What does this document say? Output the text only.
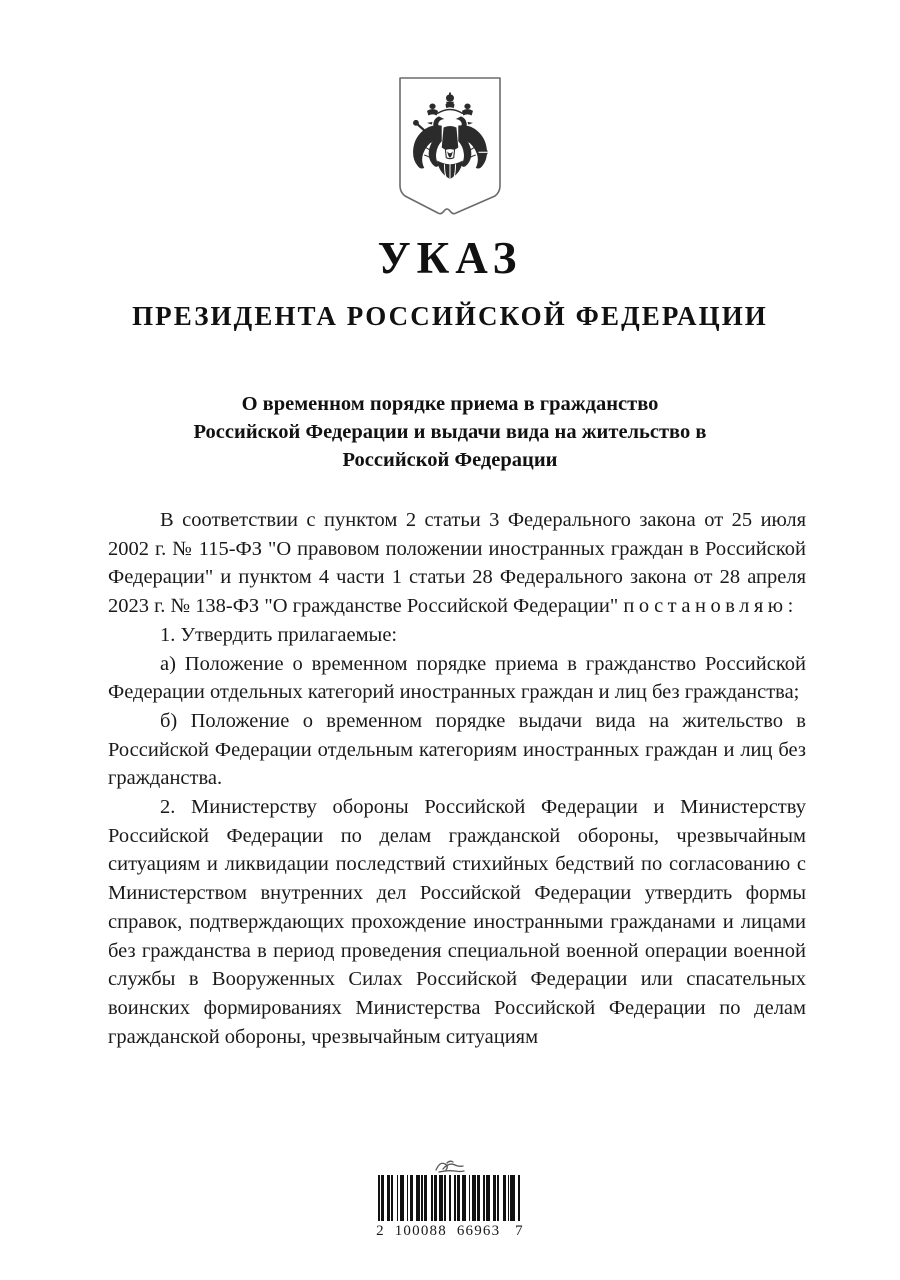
УКАЗ
ПРЕЗИДЕНТА РОССИЙСКОЙ ФЕДЕРАЦИИ
О временном порядке приема в гражданство
Российской Федерации и выдачи вида на жительство в
Российской Федерации

В соответствии с пунктом 2 статьи 3 Федерального закона от 25 июля 2002 г. № 115-ФЗ "О правовом положении иностранных граждан в Российской Федерации" и пунктом 4 части 1 статьи 28 Федерального закона от 28 апреля 2023 г. № 138-ФЗ "О гражданстве Российской Федерации" постановляю:

1. Утвердить прилагаемые:

а) Положение о временном порядке приема в гражданство Российской Федерации отдельных категорий иностранных граждан и лиц без гражданства;

б) Положение о временном порядке выдачи вида на жительство в Российской Федерации отдельным категориям иностранных граждан и лиц без гражданства.

2. Министерству обороны Российской Федерации и Министерству Российской Федерации по делам гражданской обороны, чрезвычайным ситуациям и ликвидации последствий стихийных бедствий по согласованию с Министерством внутренних дел Российской Федерации утвердить формы справок, подтверждающих прохождение иностранными гражданами и лицами без гражданства в период проведения специальной военной операции военной службы в Вооруженных Силах Российской Федерации или спасательных воинских формированиях Министерства Российской Федерации по делам гражданской обороны, чрезвычайным ситуациям

2  100088  66963   7
